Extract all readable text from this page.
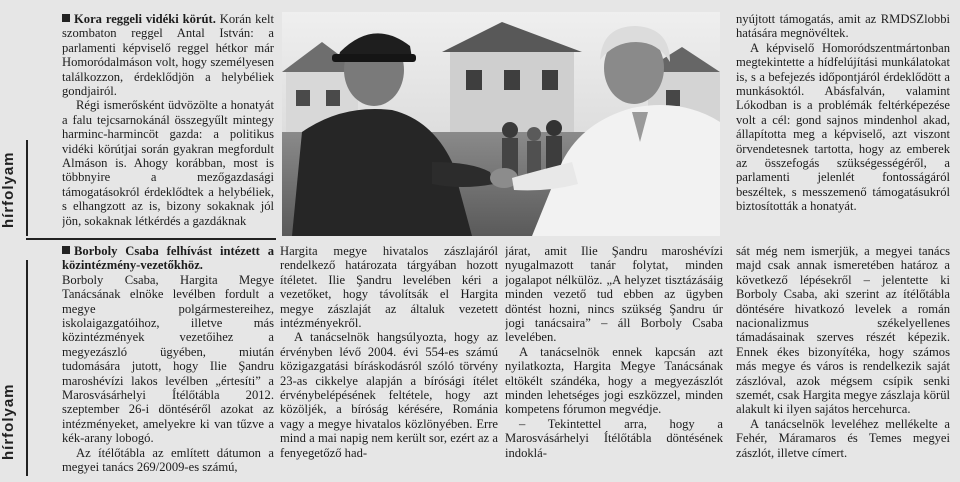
hírfolyam
hírfolyam

Kora reggeli vidéki körút. Korán kelt szombaton reggel Antal István: a parlamenti képviselő reggel hétkor már Homoródalmáson volt, hogy személyesen találkozzon, érdeklődjön a helybéliek gondjairól.

Régi ismerősként üdvözölte a honatyát a falu tejcsarnokánál összegyűlt mintegy harminc-harmincöt gazda: a politikus vidéki körútjai során gyakran megfordult Almáson is. Ahogy korábban, most is többnyire a mezőgazdasági támogatásokról érdeklődtek a helybéliek, s elhangzott az is, bizony sokaknak jól jön, sokaknak létkérdés a gazdáknak

nyújtott támogatás, amit az RMDSZlobbi hatására megnövéltek.

A képviselő Homoródszentmártonban megtekintette a hídfelújítási munkálatokat is, s a befejezés időpontjáról érdeklődött a munkásoktól. Abásfalván, valamint Lókodban is a problémák feltérképezése volt a cél: gond sajnos mindenhol akad, állapította meg a képviselő, azt viszont örvendetesnek tartotta, hogy az emberek az összefogás szükségességéről, a parlamenti jelenlét fontosságáról beszéltek, s messzemenő támogatásukról biztosították a honatyát.

Borboly Csaba felhívást intézett a közintézmény-vezetőkhöz.

Borboly Csaba, Hargita Megye Tanácsának elnöke levélben fordult a megye polgármestereihez, iskolaigazgatóihoz, illetve más közintézmények vezetőihez a megyezászló ügyében, miután tudomására jutott, hogy Ilie Şandru maroshévízi lakos levélben „értesíti” a Marosvásárhelyi Ítélőtábla 2012. szeptember 26-i döntéséről azokat az intézményeket, amelyekre ki van tűzve a kék-arany lobogó.

Az ítélőtábla az említett dátumon a megyei tanács 269/2009-es számú,

Hargita megye hivatalos zászlajáról rendelkező határozata tárgyában hozott ítéletet. Ilie Şandru levelében kéri a vezetőket, hogy távolítsák el Hargita megye zászlaját az általuk vezetett intézményekről.

A tanácselnök hangsúlyozta, hogy az érvényben lévő 2004. évi 554-es számú közigazgatási bíráskodásról szóló törvény 23-as cikkelye alapján a bírósági ítélet érvénybelépésének feltétele, hogy azt közöljék, a bíróság kérésére, Románia vagy a megye hivatalos közlönyében. Erre mind a mai napig nem került sor, ezért az a fenyegetőző had-

járat, amit Ilie Şandru maroshévízi nyugalmazott tanár folytat, minden jogalapot nélkülöz. „A helyzet tisztázásáig minden vezető tud ebben az ügyben döntést hozni, nincs szükség Şandru úr jogi tanácsaira” – áll Borboly Csaba levelében.

A tanácselnök ennek kapcsán azt nyilatkozta, Hargita Megye Tanácsának eltökélt szándéka, hogy a megyezászlót minden lehetséges jogi eszközzel, minden kompetens fórumon megvédje.

– Tekintettel arra, hogy a Marosvásárhelyi Ítélőtábla döntésének indoklá-

sát még nem ismerjük, a megyei tanács majd csak annak ismeretében határoz a következő lépésekről – jelentette ki Borboly Csaba, aki szerint az ítélőtábla döntésére hivatkozó levelek a román nacionalizmus székelyellenes támadásainak szerves részét képezik. Ennek ékes bizonyítéka, hogy számos más megye és város is rendelkezik saját zászlóval, azok mégsem csípik senki szemét, csak Hargita megye zászlaja körül alakult ki ilyen sajátos hercehurca.

A tanácselnök leveléhez mellékelte a Fehér, Máramaros és Temes megyei zászlót, illetve címert.
